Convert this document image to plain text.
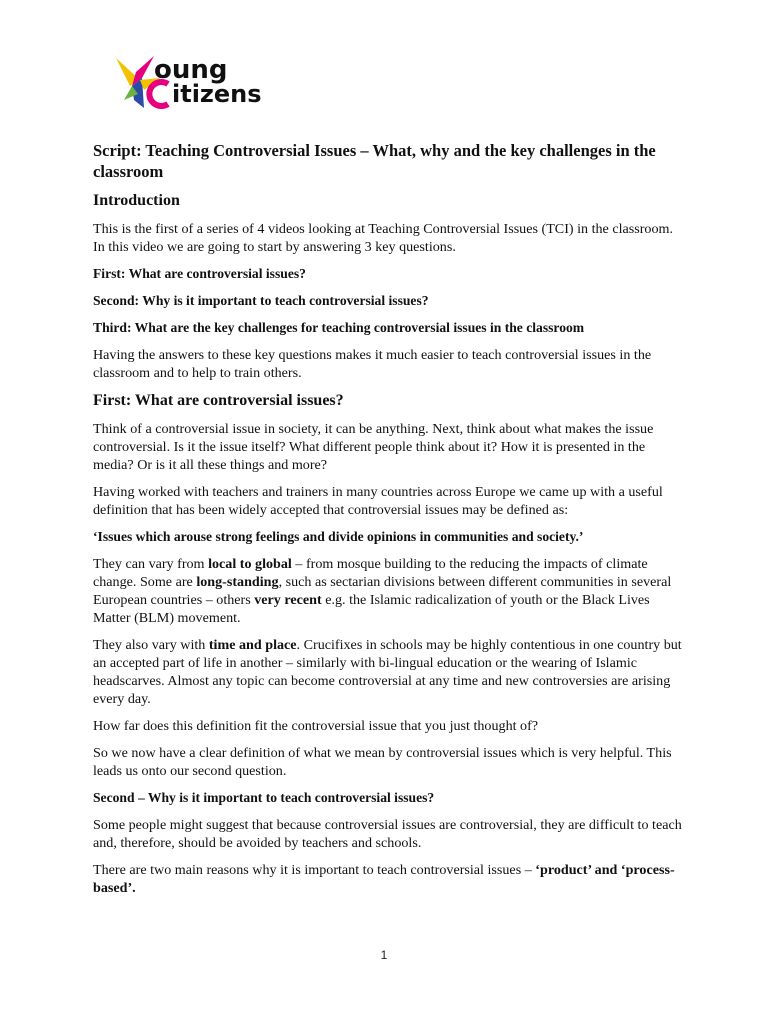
oung
itizens
Script: Teaching Controversial Issues – What, why and the key challenges in the classroom
Introduction

This is the first of a series of 4 videos looking at Teaching Controversial Issues (TCI) in the classroom. In this video we are going to start by answering 3 key questions.

First: What are controversial issues?

Second: Why is it important to teach controversial issues?

Third: What are the key challenges for teaching controversial issues in the classroom

Having the answers to these key questions makes it much easier to teach controversial issues in the classroom and to help to train others.

First: What are controversial issues?

Think of a controversial issue in society, it can be anything. Next, think about what makes the issue controversial. Is it the issue itself? What different people think about it? How it is presented in the media? Or is it all these things and more?

Having worked with teachers and trainers in many countries across Europe we came up with a useful definition that has been widely accepted that controversial issues may be defined as:

‘Issues which arouse strong feelings and divide opinions in communities and society.’

They can vary from local to global – from mosque building to the reducing the impacts of climate change. Some are long-standing, such as sectarian divisions between different communities in several European countries – others very recent e.g. the Islamic radicalization of youth or the Black Lives Matter (BLM) movement.

They also vary with time and place. Crucifixes in schools may be highly contentious in one country but an accepted part of life in another – similarly with bi-lingual education or the wearing of Islamic headscarves. Almost any topic can become controversial at any time and new controversies are arising every day.

How far does this definition fit the controversial issue that you just thought of?

So we now have a clear definition of what we mean by controversial issues which is very helpful. This leads us onto our second question.

Second – Why is it important to teach controversial issues?

Some people might suggest that because controversial issues are controversial, they are difficult to teach and, therefore, should be avoided by teachers and schools.

There are two main reasons why it is important to teach controversial issues – ‘product’ and ‘process-based’.

1
